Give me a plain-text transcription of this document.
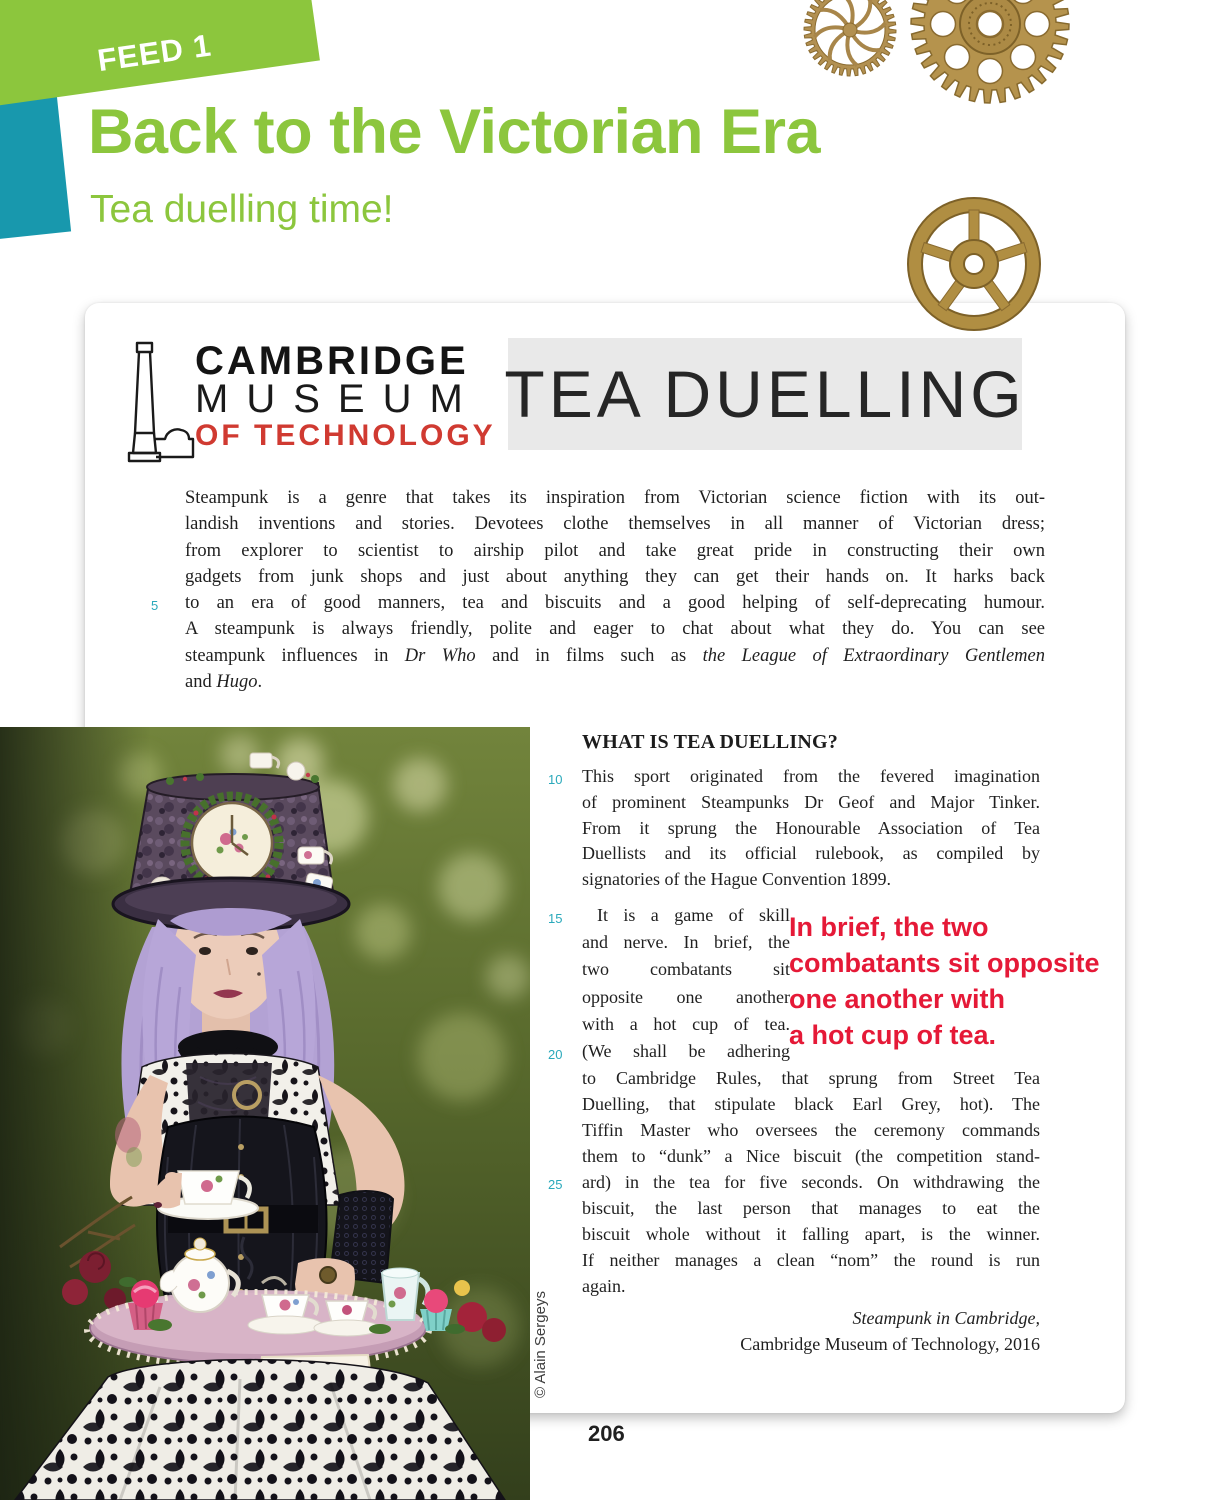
FEED 1
Back to the Victorian Era
Tea duelling time!
CAMBRIDGE
MUSEUM
OF TECHNOLOGY
TEA DUELLING
Steampunk is a genre that takes its inspiration from Victorian science fiction with its out-
landish inventions and stories. Devotees clothe themselves in all manner of Victorian dress;
from explorer to scientist to airship pilot and take great pride in constructing their own
gadgets from junk shops and just about anything they can get their hands on. It harks back
5	to an era of good manners, tea and biscuits and a good helping of self-deprecating humour.
A steampunk is always friendly, polite and eager to chat about what they do. You can see
steampunk influences in Dr Who and in films such as the League of Extraordinary Gentlemen
and Hugo.
WHAT IS TEA DUELLING?
10	This sport originated from the fevered imagination
of prominent Steampunks Dr Geof and Major Tinker.
From it sprung the Honourable Association of Tea
Duellists and its official rulebook, as compiled by
signatories of the Hague Convention 1899.
15	It is a game of skill
and nerve. In brief, the
two combatants sit
opposite one another
with a hot cup of tea.
20	(We shall be adhering
to Cambridge Rules, that sprung from Street Tea
Duelling, that stipulate black Earl Grey, hot). The
Tiffin Master who oversees the ceremony commands
them to “dunk” a Nice biscuit (the competition stand-
25	ard) in the tea for five seconds. On withdrawing the
biscuit, the last person that manages to eat the
biscuit whole without it falling apart, is the winner.
If neither manages a clean “nom” the round is run
again.
In brief, the two
combatants sit opposite
one another with
a hot cup of tea.
Steampunk in Cambridge,
Cambridge Museum of Technology, 2016
© Alain Sergeys
206
